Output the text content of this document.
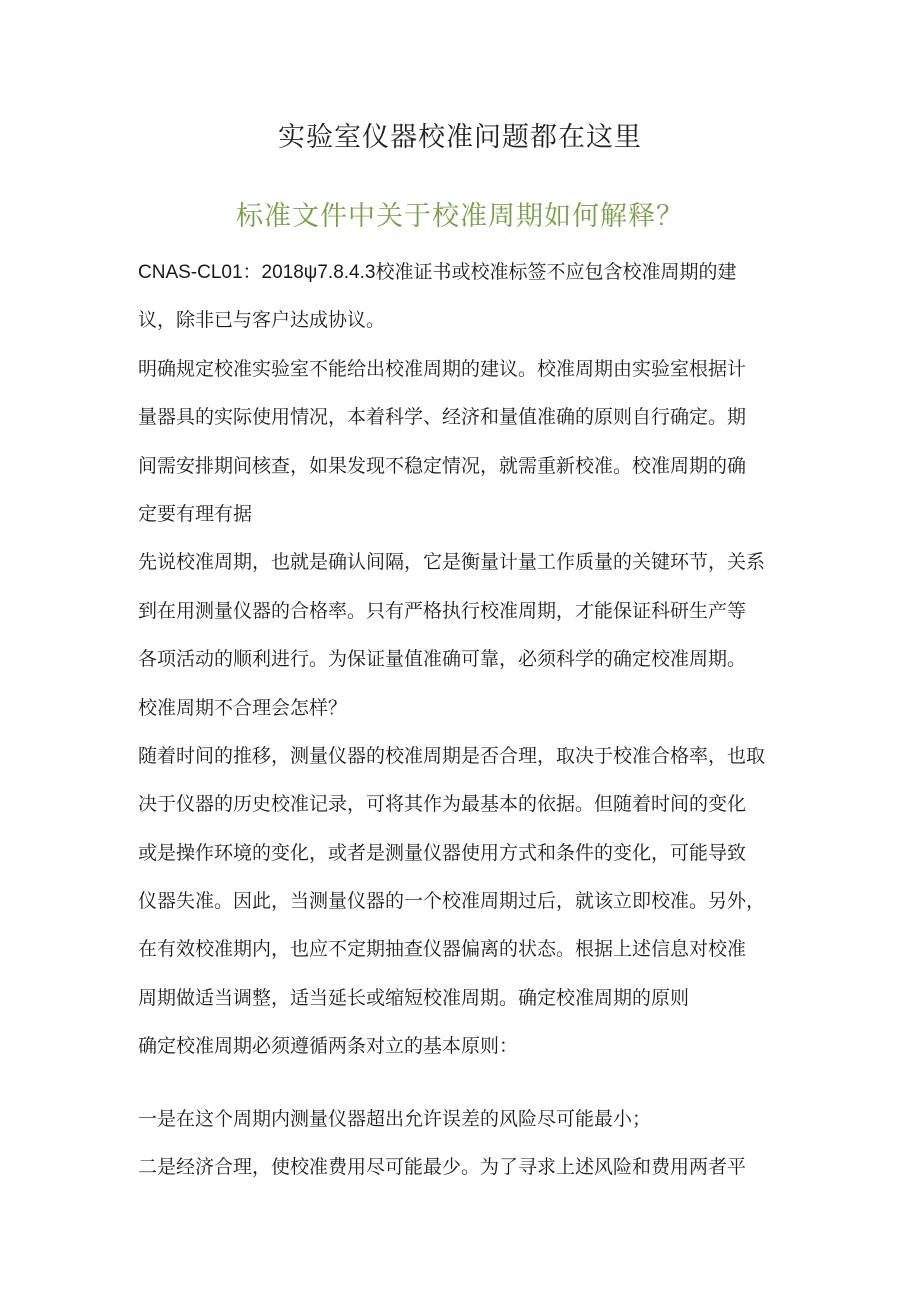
实验室仪器校准问题都在这里
标准文件中关于校准周期如何解释？
CNAS-CL01：2018ψ7.8.4.3校准证书或校准标签不应包含校准周期的建
议，除非已与客户达成协议。
明确规定校准实验室不能给出校准周期的建议。校准周期由实验室根据计
量器具的实际使用情况，本着科学、经济和量值准确的原则自行确定。期
间需安排期间核查，如果发现不稳定情况，就需重新校准。校准周期的确
定要有理有据
先说校准周期，也就是确认间隔，它是衡量计量工作质量的关键环节，关系
到在用测量仪器的合格率。只有严格执行校准周期，才能保证科研生产等
各项活动的顺利进行。为保证量值准确可靠，必须科学的确定校准周期。
校准周期不合理会怎样？
随着时间的推移，测量仪器的校准周期是否合理，取决于校准合格率，也取
决于仪器的历史校准记录，可将其作为最基本的依据。但随着时间的变化
或是操作环境的变化，或者是测量仪器使用方式和条件的变化，可能导致
仪器失准。因此，当测量仪器的一个校准周期过后，就该立即校准。另外，
在有效校准期内，也应不定期抽查仪器偏离的状态。根据上述信息对校准
周期做适当调整，适当延长或缩短校准周期。确定校准周期的原则
确定校准周期必须遵循两条对立的基本原则：
一是在这个周期内测量仪器超出允许误差的风险尽可能最小；
二是经济合理，使校准费用尽可能最少。为了寻求上述风险和费用两者平
